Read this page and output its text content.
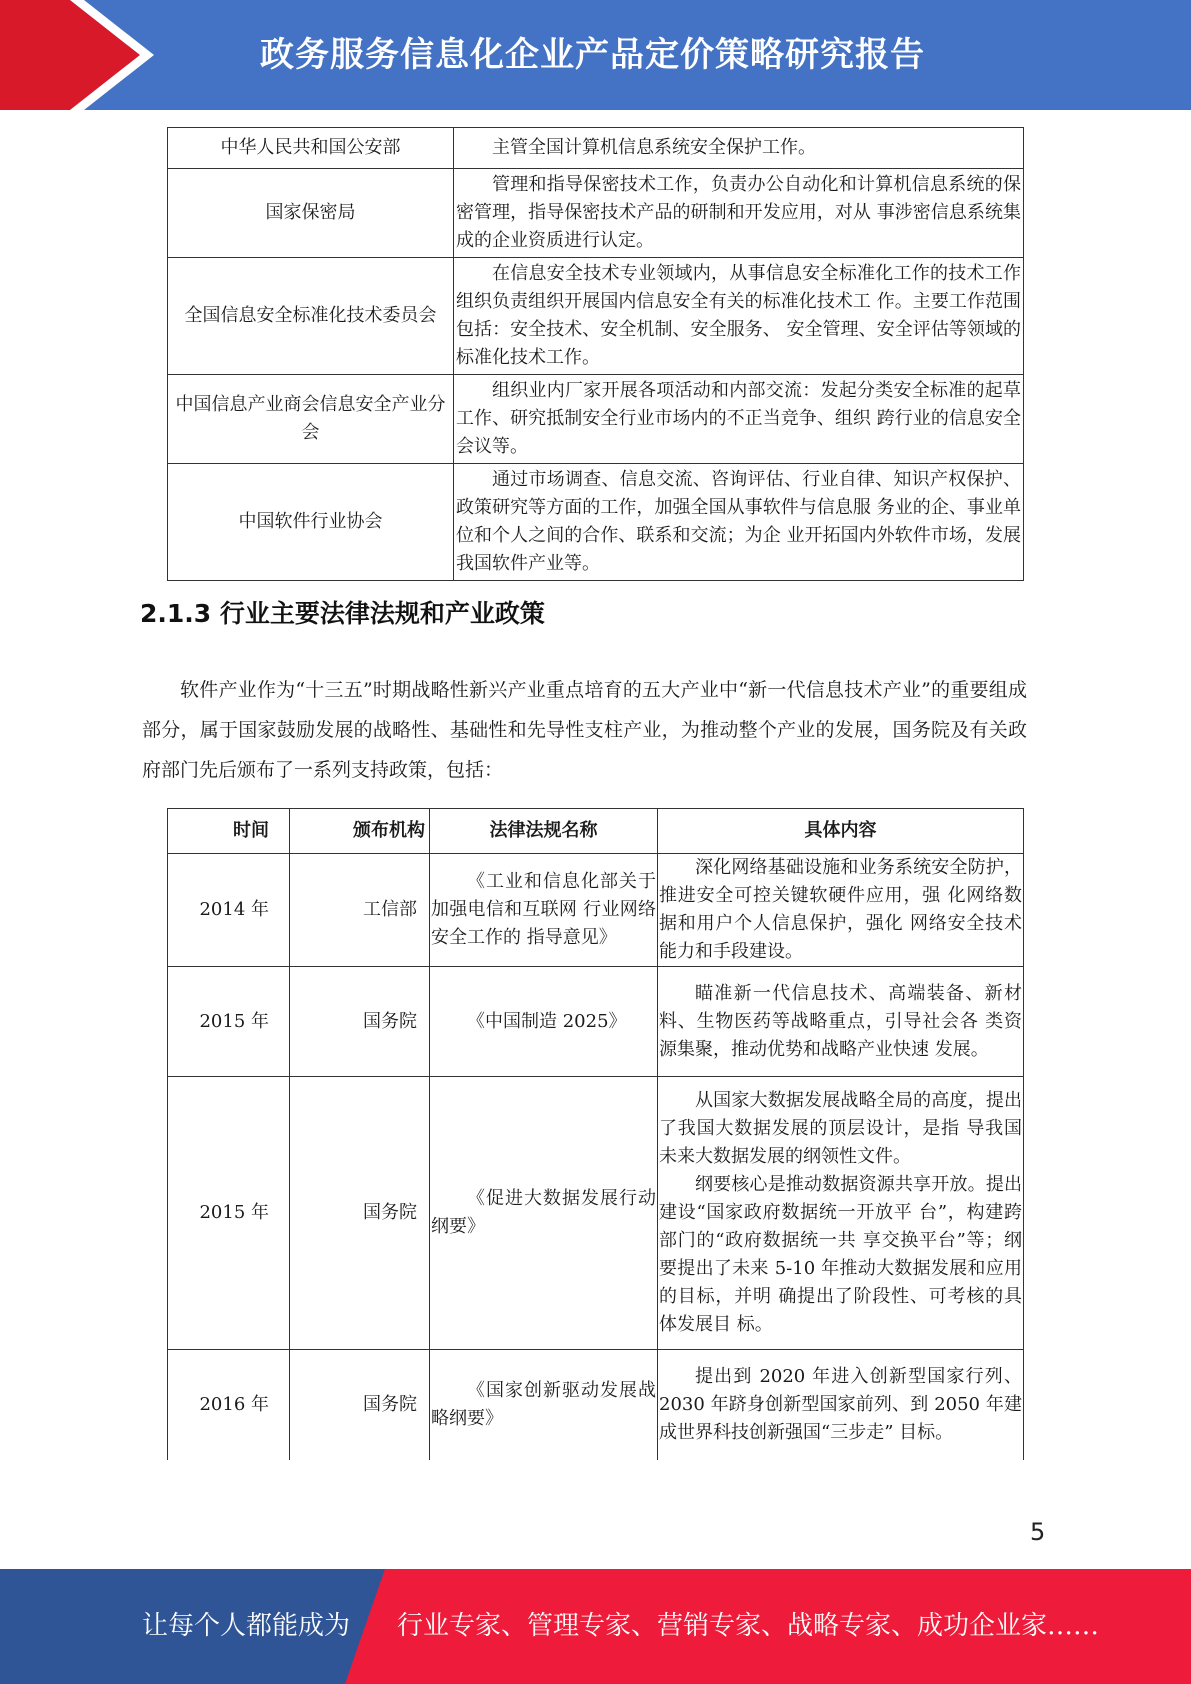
政务服务信息化企业产品定价策略研究报告
中华人民共和国公安部	主管全国计算机信息系统安全保护工作。
国家保密局	管理和指导保密技术工作，负责办公自动化和计算机信息系统的保密管理，指导保密技术产品的研制和开发应用，对从 事涉密信息系统集成的企业资质进行认定。
全国信息安全标准化技术委员会	在信息安全技术专业领域内，从事信息安全标准化工作的技术工作组织负责组织开展国内信息安全有关的标准化技术工 作。主要工作范围包括：安全技术、安全机制、安全服务、 安全管理、安全评估等领域的标准化技术工作。
中国信息产业商会信息安全产业分会	组织业内厂家开展各项活动和内部交流：发起分类安全标准的起草工作、研究抵制安全行业市场内的不正当竞争、组织 跨行业的信息安全会议等。
中国软件行业协会	通过市场调查、信息交流、咨询评估、行业自律、知识产权保护、政策研究等方面的工作，加强全国从事软件与信息服 务业的企、事业单位和个人之间的合作、联系和交流；为企 业开拓国内外软件市场，发展我国软件产业等。
2.1.3 行业主要法律法规和产业政策

软件产业作为“十三五”时期战略性新兴产业重点培育的五大产业中“新一代信息技术产业”的重要组成部分，属于国家鼓励发展的战略性、基础性和先导性支柱产业，为推动整个产业的发展，国务院及有关政府部门先后颁布了一系列支持政策，包括：

时间	颁布机构	法律法规名称	具体内容
2014 年	工信部	《工业和信息化部关于加强电信和互联网 行业网络安全工作的 指导意见》	深化网络基础设施和业务系统安全防护，推进安全可控关键软硬件应用，强 化网络数据和用户个人信息保护，强化 网络安全技术能力和手段建设。

2015 年	国务院	《中国制造 2025》	瞄准新一代信息技术、高端装备、新材料、生物医药等战略重点，引导社会各 类资源集聚，推动优势和战略产业快速 发展。

2015 年	国务院	《促进大数据发展行动纲要》	从国家大数据发展战略全局的高度，提出了我国大数据发展的顶层设计，是指 导我国未来大数据发展的纲领性文件。

纲要核心是推动数据资源共享开放。提出建设“国家政府数据统一开放平 台”，构建跨部门的“政府数据统一共 享交换平台”等；纲要提出了未来 5-10 年推动大数据发展和应用的目标，并明 确提出了阶段性、可考核的具体发展目 标。

2016 年	国务院	《国家创新驱动发展战略纲要》	提出到 2020 年进入创新型国家行列、2030 年跻身创新型国家前列、到 2050 年建成世界科技创新强国“三步走” 目标。

5
让每个人都能成为 行业专家、管理专家、营销专家、战略专家、成功企业家……
